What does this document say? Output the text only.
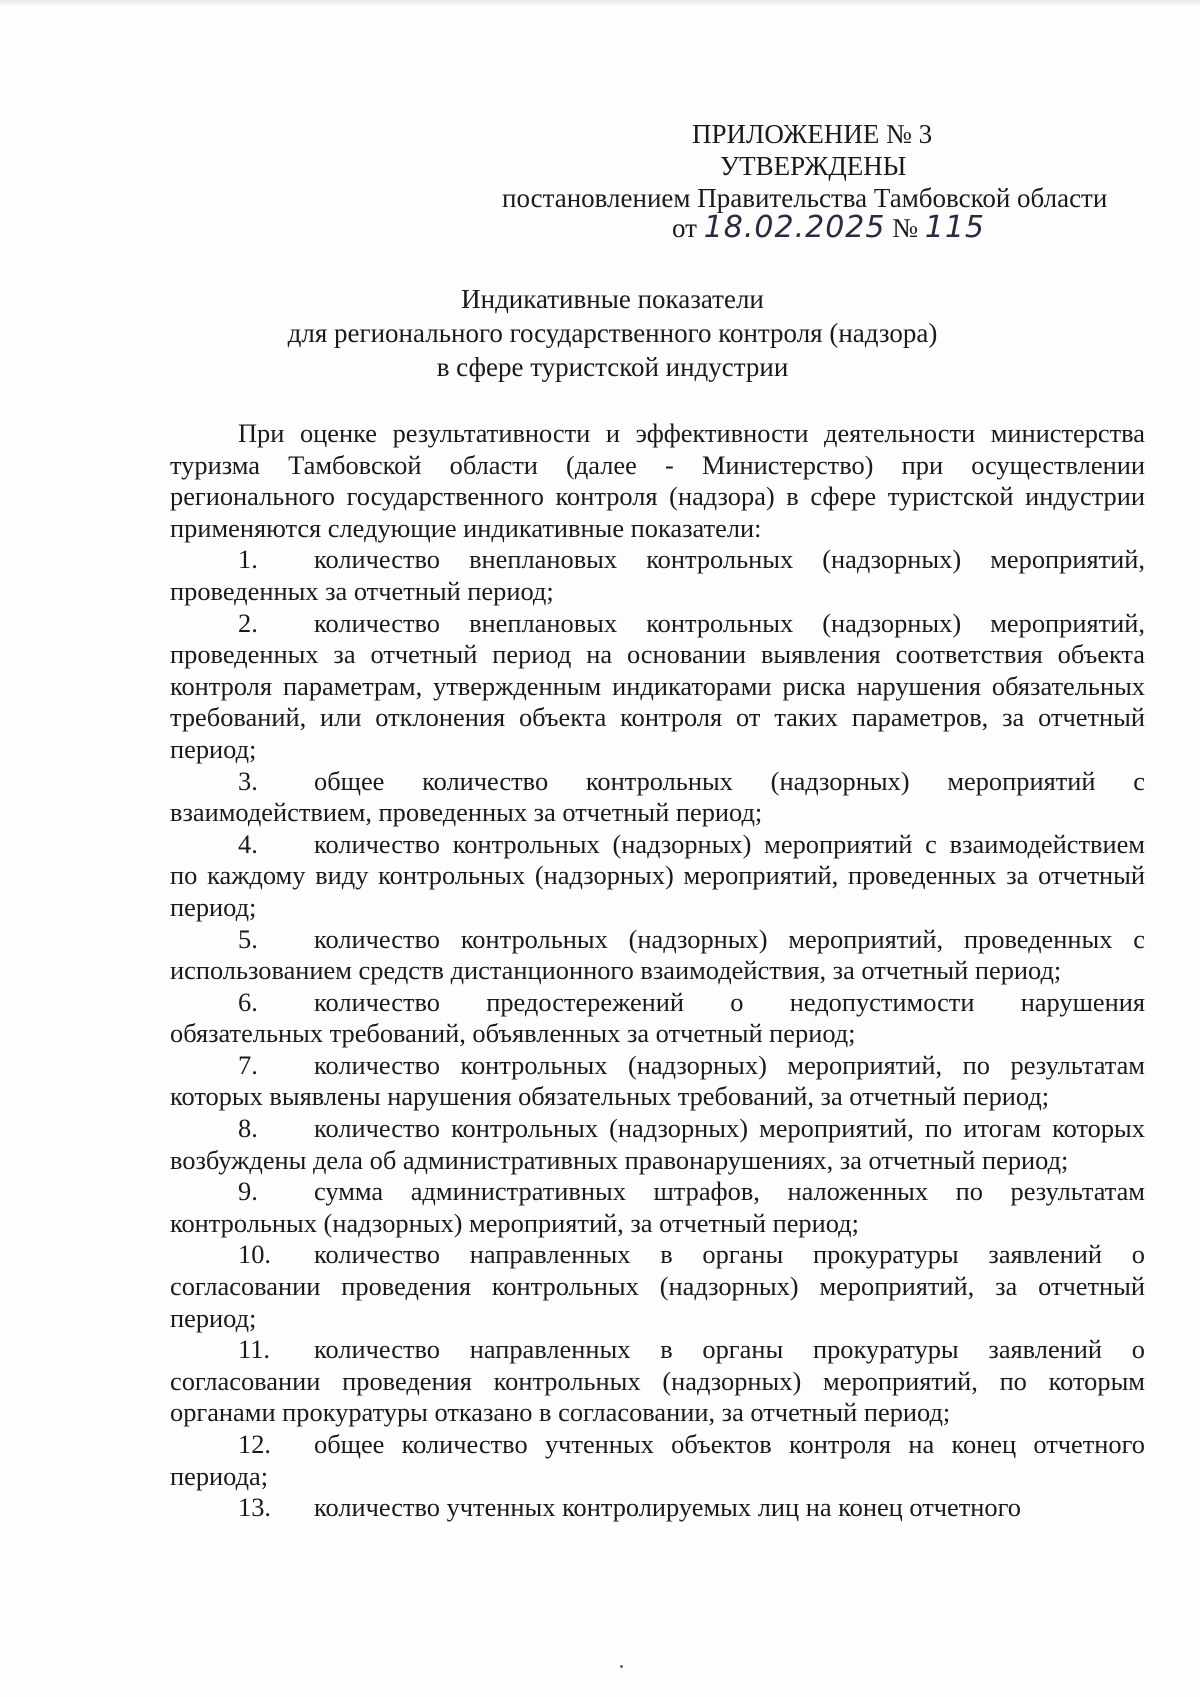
ПРИЛОЖЕНИЕ № 3
УТВЕРЖДЕНЫ
постановлением Правительства Тамбовской области
от 18.02.2025 № 115
Индикативные показатели
для регионального государственного контроля (надзора)
в сфере туристской индустрии

При оценке результативности и эффективности деятельности министерства туризма Тамбовской области (далее - Министерство) при осуществлении регионального государственного контроля (надзора) в сфере туристской индустрии применяются следующие индикативные показатели:

1. количество внеплановых контрольных (надзорных) мероприятий, проведенных за отчетный период;

2. количество внеплановых контрольных (надзорных) мероприятий, проведенных за отчетный период на основании выявления соответствия объекта контроля параметрам, утвержденным индикаторами риска нарушения обязательных требований, или отклонения объекта контроля от таких параметров, за отчетный период;

3. общее количество контрольных (надзорных) мероприятий с взаимодействием, проведенных за отчетный период;

4. количество контрольных (надзорных) мероприятий с взаимодействием по каждому виду контрольных (надзорных) мероприятий, проведенных за отчетный период;

5. количество контрольных (надзорных) мероприятий, проведенных с использованием средств дистанционного взаимодействия, за отчетный период;

6. количество предостережений о недопустимости нарушения обязательных требований, объявленных за отчетный период;

7. количество контрольных (надзорных) мероприятий, по результатам которых выявлены нарушения обязательных требований, за отчетный период;

8. количество контрольных (надзорных) мероприятий, по итогам которых возбуждены дела об административных правонарушениях, за отчетный период;

9. сумма административных штрафов, наложенных по результатам контрольных (надзорных) мероприятий, за отчетный период;

10. количество направленных в органы прокуратуры заявлений о согласовании проведения контрольных (надзорных) мероприятий, за отчетный период;

11. количество направленных в органы прокуратуры заявлений о согласовании проведения контрольных (надзорных) мероприятий, по которым органами прокуратуры отказано в согласовании, за отчетный период;

12. общее количество учтенных объектов контроля на конец отчетного периода;

13. количество учтенных контролируемых лиц на конец отчетного
